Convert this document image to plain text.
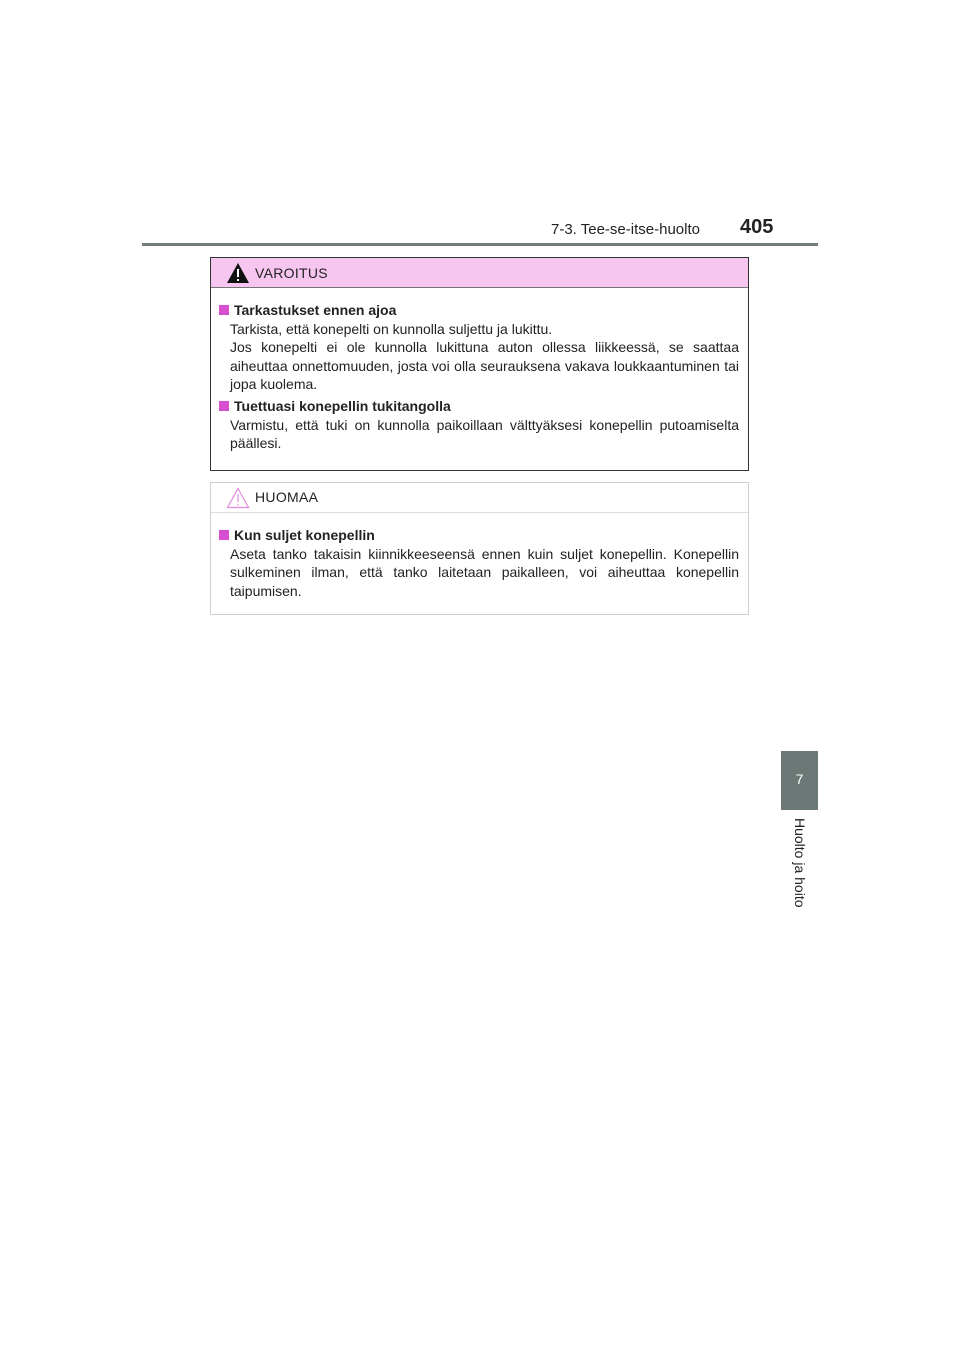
7-3. Tee-se-itse-huolto 405
VAROITUS
Tarkastukset ennen ajoa

Tarkista, että konepelti on kunnolla suljettu ja lukittu.

Jos konepelti ei ole kunnolla lukittuna auton ollessa liikkeessä, se saattaa aiheuttaa onnettomuuden, josta voi olla seurauksena vakava loukkaantuminen tai jopa kuolema.

Tuettuasi konepellin tukitangolla

Varmistu, että tuki on kunnolla paikoillaan välttyäksesi konepellin putoamiselta päällesi.

HUOMAA
Kun suljet konepellin

Aseta tanko takaisin kiinnikkeeseensä ennen kuin suljet konepellin. Konepellin sulkeminen ilman, että tanko laitetaan paikalleen, voi aiheuttaa konepellin taipumisen.

7
Huolto ja hoito
